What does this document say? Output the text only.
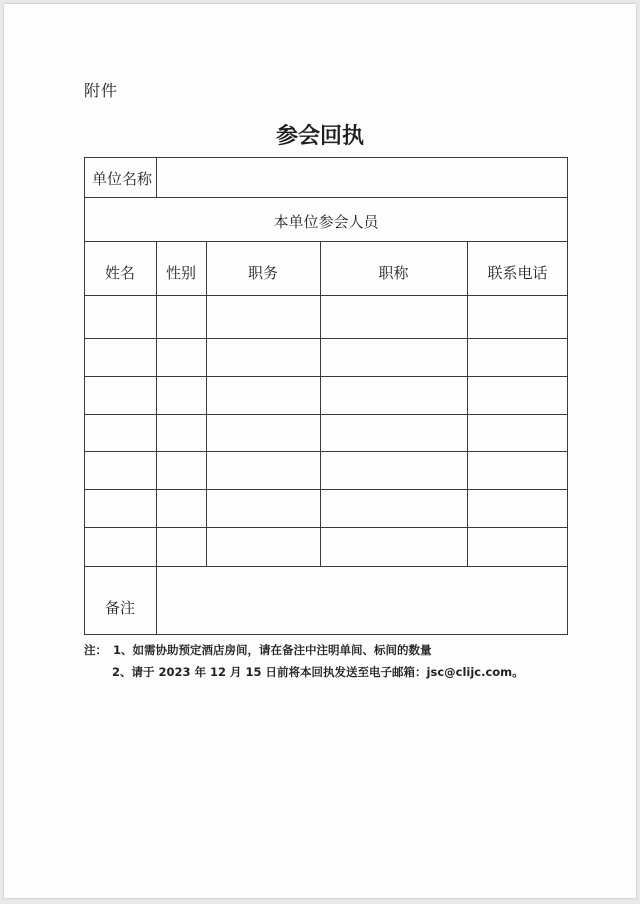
附件
参会回执
单位名称
本单位参会人员
姓名	性别	职务	职称	联系电话
备注
注： 1、如需协助预定酒店房间，请在备注中注明单间、标间的数量
2、请于 2023 年 12 月 15 日前将本回执发送至电子邮箱：jsc@clijc.com。
